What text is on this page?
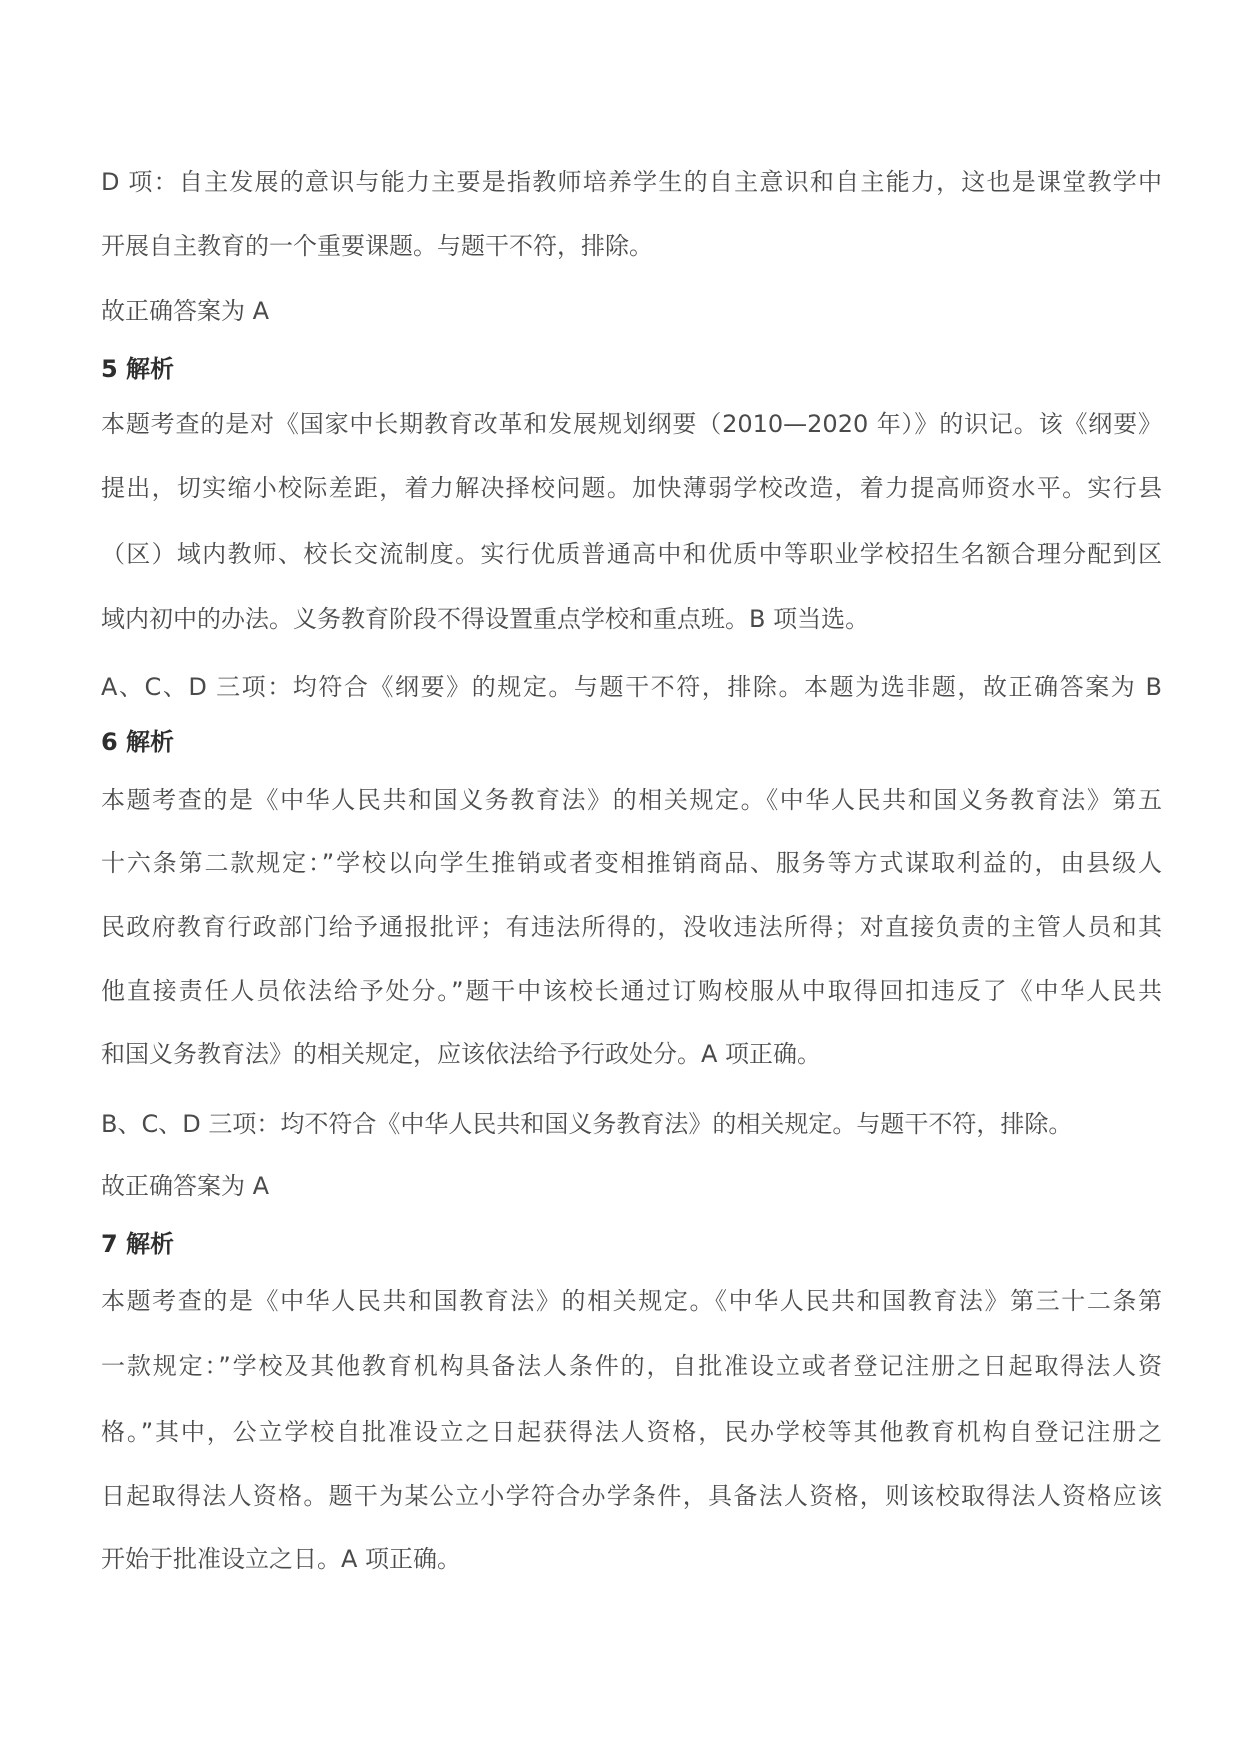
D 项：自主发展的意识与能力主要是指教师培养学生的自主意识和自主能力，这也是课堂教学中
开展自主教育的一个重要课题。与题干不符，排除。
故正确答案为 A
5 解析
本题考查的是对《国家中长期教育改革和发展规划纲要（2010—2020 年）》的识记。该《纲要》
提出，切实缩小校际差距，着力解决择校问题。加快薄弱学校改造，着力提高师资水平。实行县
（区）域内教师、校长交流制度。实行优质普通高中和优质中等职业学校招生名额合理分配到区
域内初中的办法。义务教育阶段不得设置重点学校和重点班。B 项当选。
A、C、D 三项：均符合《纲要》的规定。与题干不符，排除。本题为选非题，故正确答案为 B
6 解析
本题考查的是《中华人民共和国义务教育法》的相关规定。《中华人民共和国义务教育法》第五
十六条第二款规定：”学校以向学生推销或者变相推销商品、服务等方式谋取利益的，由县级人
民政府教育行政部门给予通报批评；有违法所得的，没收违法所得；对直接负责的主管人员和其
他直接责任人员依法给予处分。”题干中该校长通过订购校服从中取得回扣违反了《中华人民共
和国义务教育法》的相关规定，应该依法给予行政处分。A 项正确。
B、C、D 三项：均不符合《中华人民共和国义务教育法》的相关规定。与题干不符，排除。
故正确答案为 A
7 解析
本题考查的是《中华人民共和国教育法》的相关规定。《中华人民共和国教育法》第三十二条第
一款规定：”学校及其他教育机构具备法人条件的，自批准设立或者登记注册之日起取得法人资
格。”其中，公立学校自批准设立之日起获得法人资格，民办学校等其他教育机构自登记注册之
日起取得法人资格。题干为某公立小学符合办学条件，具备法人资格，则该校取得法人资格应该
开始于批准设立之日。A 项正确。
